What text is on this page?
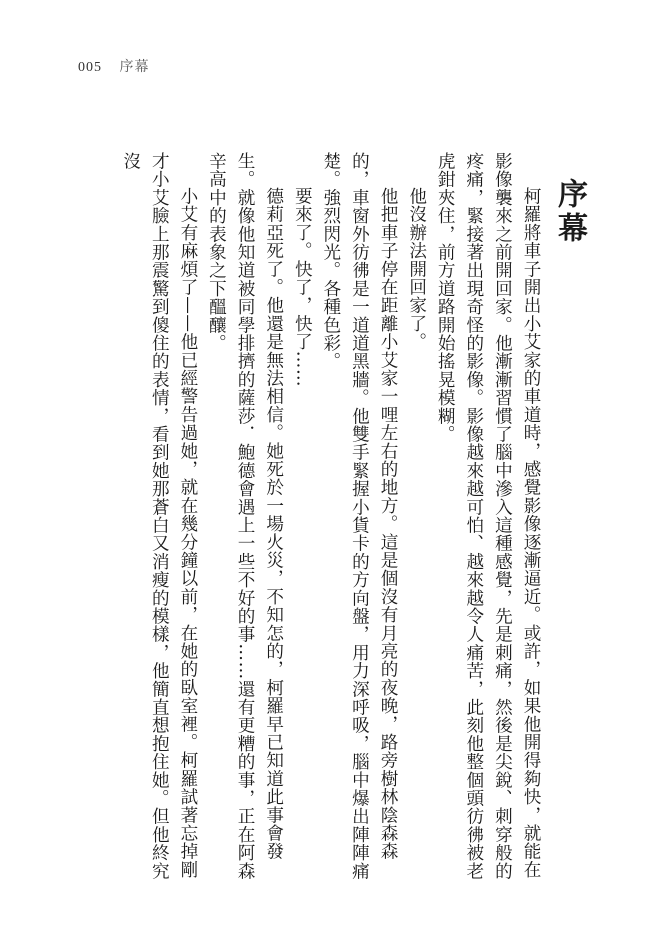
005 序幕
序幕

柯羅將車子開出小艾家的車道時，感覺影像逐漸逼近。或許，如果他開得夠快，就能在影像襲來之前開回家。他漸漸習慣了腦中滲入這種感覺，先是刺痛，然後是尖銳、刺穿般的疼痛，緊接著出現奇怪的影像。影像越來越可怕、越來越令人痛苦，此刻他整個頭彷彿被老虎鉗夾住，前方道路開始搖晃模糊。

他沒辦法開回家了。

他把車子停在距離小艾家一哩左右的地方。這是個沒有月亮的夜晚，路旁樹林陰森森的，車窗外彷彿是一道道黑牆。他雙手緊握小貨卡的方向盤，用力深呼吸，腦中爆出陣陣痛楚。強烈閃光。各種色彩。

要來了。快了，快了……

德莉亞死了。他還是無法相信。她死於一場火災，不知怎的，柯羅早已知道此事會發生。就像他知道被同學排擠的薩莎．鮑德會遇上一些不好的事……還有更糟的事，正在阿森辛高中的表象之下醞釀。

小艾有麻煩了——他已經警告過她，就在幾分鐘以前，在她的臥室裡。柯羅試著忘掉剛才小艾臉上那震驚到傻住的表情，看到她那蒼白又消瘦的模樣，他簡直想抱住她。但他終究沒
